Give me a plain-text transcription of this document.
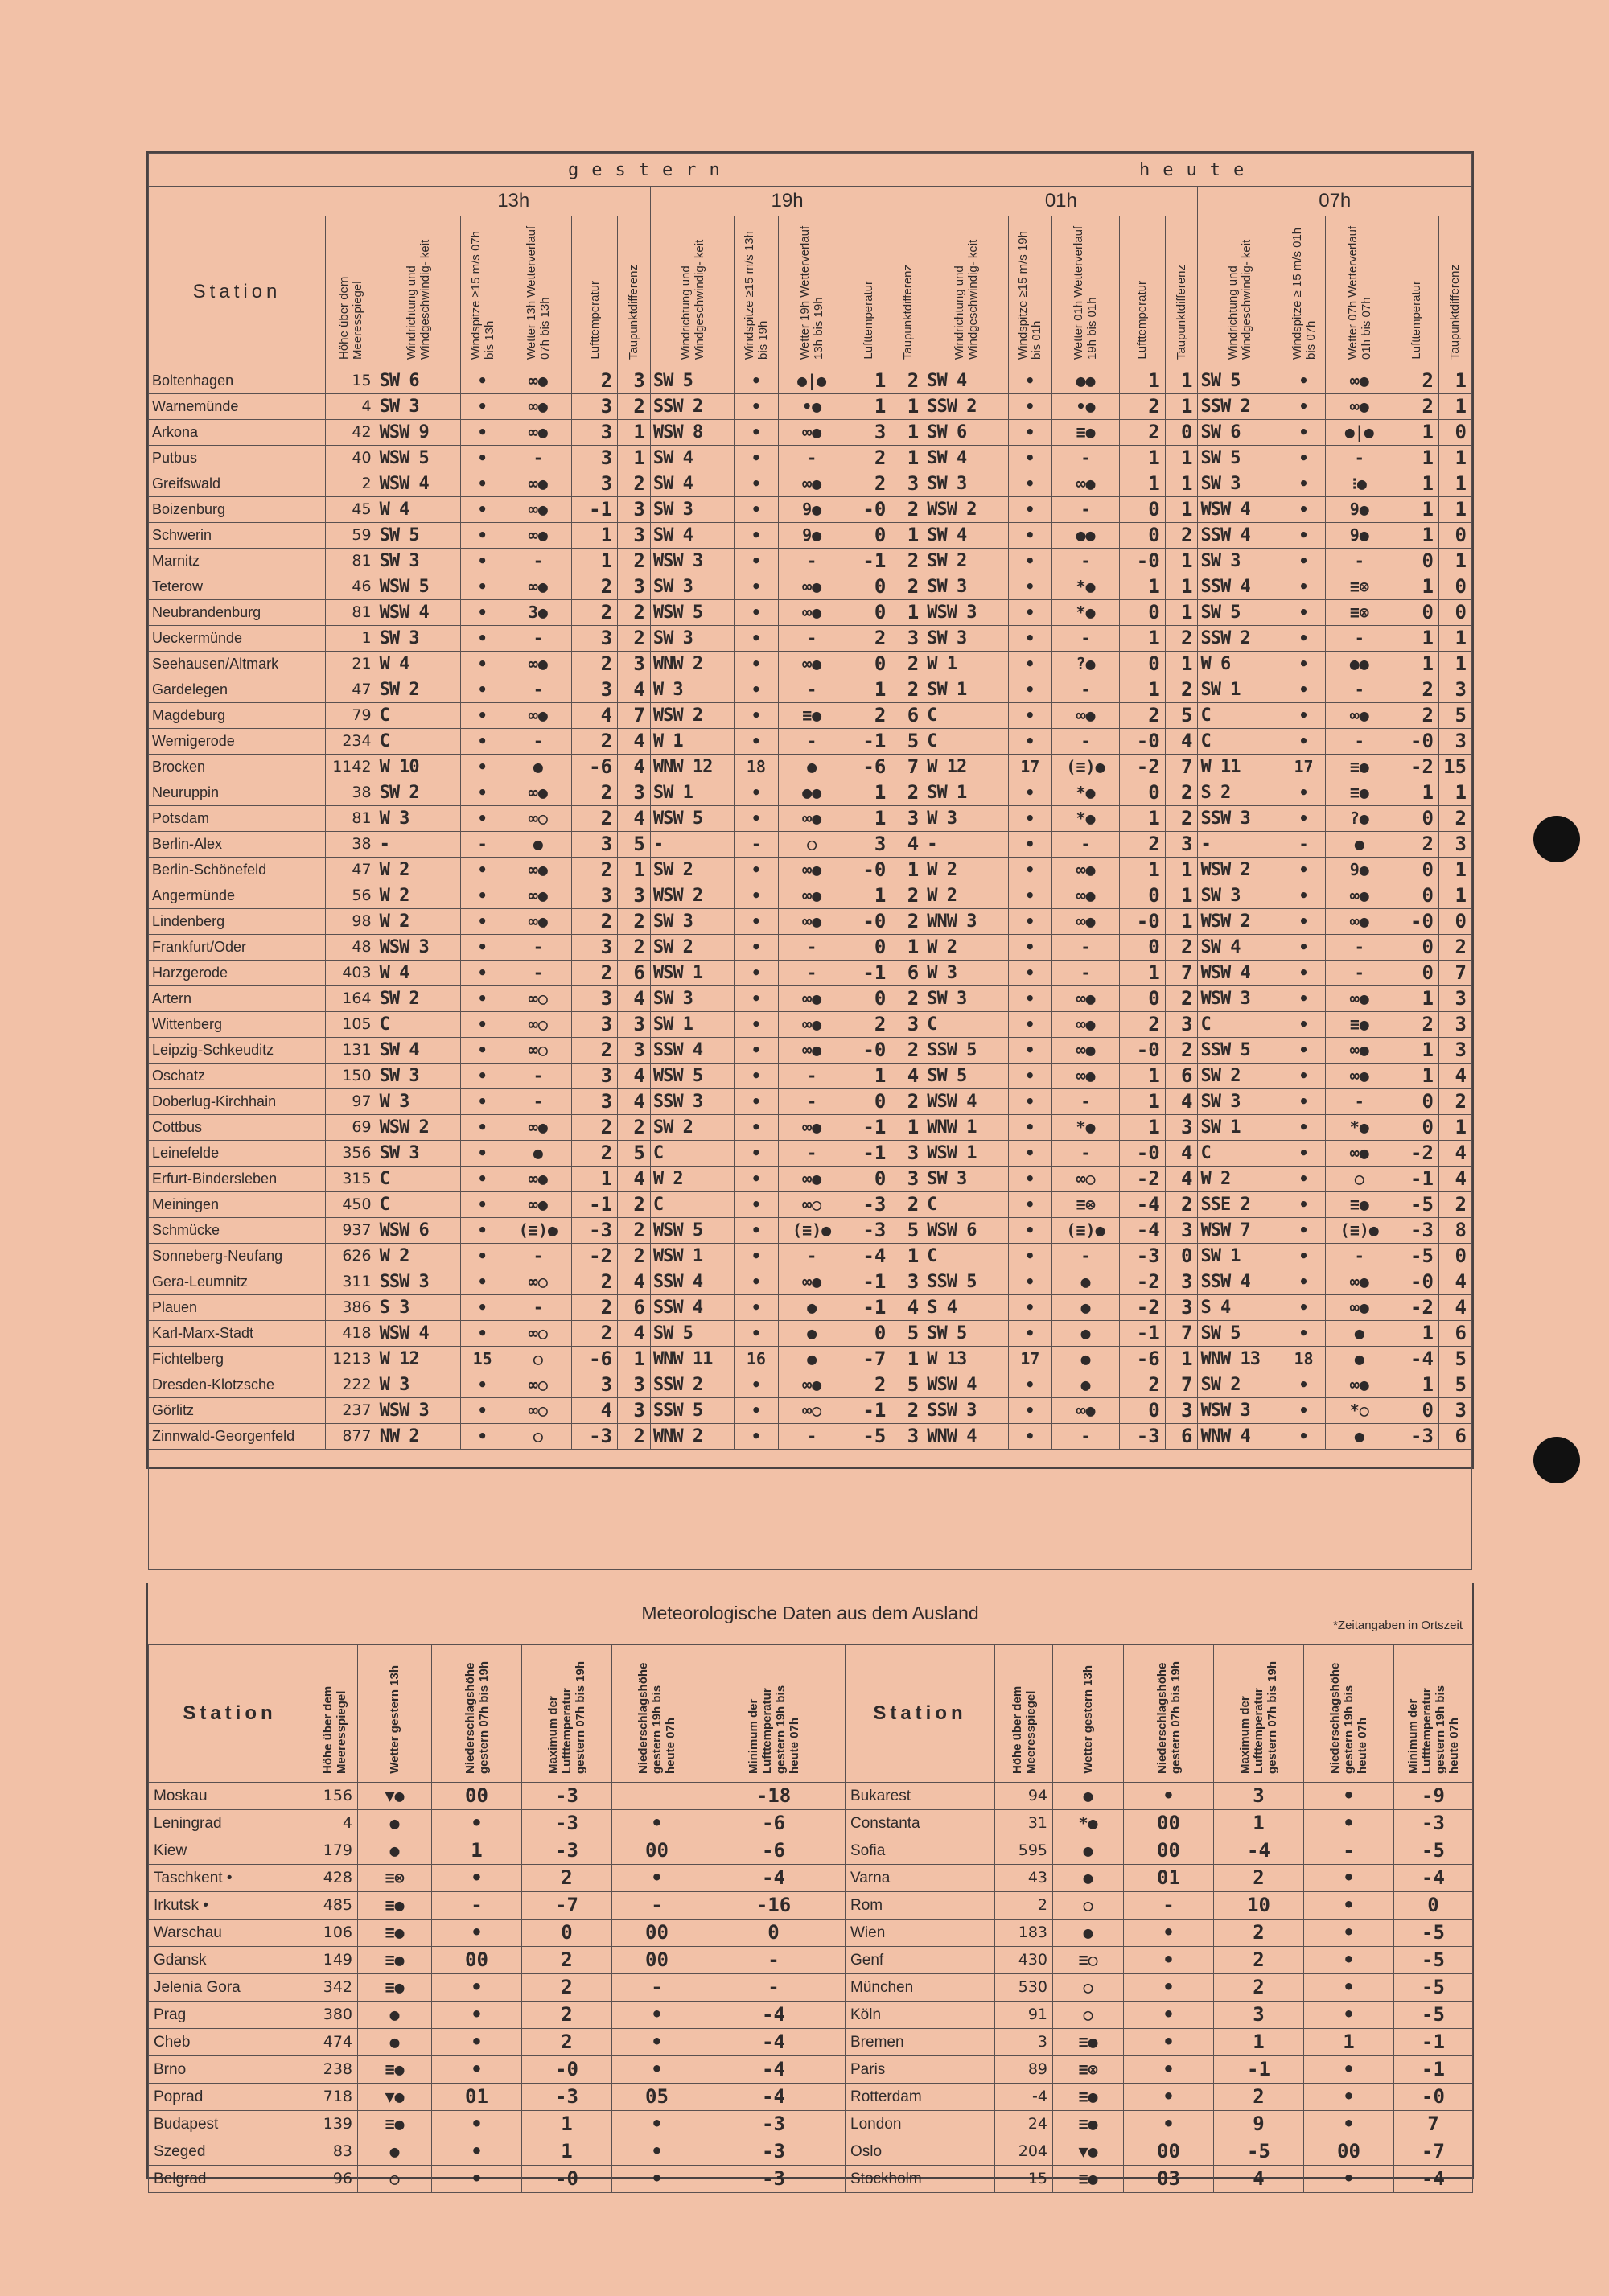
		gestern										heute									
		13h					19h					01h					07h				
Station	Höhe über dem Meeresspiegel	Windrichtung und Windgeschwindig- keit	Windspitze ≥15 m/s 07h bis 13h	Wetter 13h Wetterverlauf 07h bis 13h	Lufttemperatur	Taupunktdifferenz	Windrichtung und Windgeschwindig- keit	Windspitze ≥15 m/s 13h bis 19h	Wetter 19h Wetterverlauf 13h bis 19h	Lufttemperatur	Taupunktdifferenz	Windrichtung und Windgeschwindig- keit	Windspitze ≥15 m/s 19h bis 01h	Wetter 01h Wetterverlauf 19h bis 01h	Lufttemperatur	Taupunktdifferenz	Windrichtung und Windgeschwindig- keit	Windspitze ≥ 15 m/s 01h bis 07h	Wetter 07h Wetterverlauf 01h bis 07h	Lufttemperatur	Taupunktdifferenz
Boltenhagen	15	SW 6	•	∞●	2	3	SW 5	•	●|●	1	2	SW 4	•	●●	1	1	SW 5	•	∞●	2	1
Warnemünde	4	SW 3	•	∞●	3	2	SSW 2	•	•●	1	1	SSW 2	•	•●	2	1	SSW 2	•	∞●	2	1
Arkona	42	WSW 9	•	∞●	3	1	WSW 8	•	∞●	3	1	SW 6	•	≡●	2	0	SW 6	•	●|●	1	0
Putbus	40	WSW 5	•	-	3	1	SW 4	•	-	2	1	SW 4	•	-	1	1	SW 5	•	-	1	1
Greifswald	2	WSW 4	•	∞●	3	2	SW 4	•	∞●	2	3	SW 3	•	∞●	1	1	SW 3	•	⁝●	1	1
Boizenburg	45	W 4	•	∞●	-1	3	SW 3	•	9●	-0	2	WSW 2	•	-	0	1	WSW 4	•	9●	1	1
Schwerin	59	SW 5	•	∞●	1	3	SW 4	•	9●	0	1	SW 4	•	●●	0	2	SSW 4	•	9●	1	0
Marnitz	81	SW 3	•	-	1	2	WSW 3	•	-	-1	2	SW 2	•	-	-0	1	SW 3	•	-	0	1
Teterow	46	WSW 5	•	∞●	2	3	SW 3	•	∞●	0	2	SW 3	•	*●	1	1	SSW 4	•	≡⊗	1	0
Neubrandenburg	81	WSW 4	•	3●	2	2	WSW 5	•	∞●	0	1	WSW 3	•	*●	0	1	SW 5	•	≡⊗	0	0
Ueckermünde	1	SW 3	•	-	3	2	SW 3	•	-	2	3	SW 3	•	-	1	2	SSW 2	•	-	1	1
Seehausen/Altmark	21	W 4	•	∞●	2	3	WNW 2	•	∞●	0	2	W 1	•	?●	0	1	W 6	•	●●	1	1
Gardelegen	47	SW 2	•	-	3	4	W 3	•	-	1	2	SW 1	•	-	1	2	SW 1	•	-	2	3
Magdeburg	79	C	•	∞●	4	7	WSW 2	•	≡●	2	6	C	•	∞●	2	5	C	•	∞●	2	5
Wernigerode	234	C	•	-	2	4	W 1	•	-	-1	5	C	•	-	-0	4	C	•	-	-0	3
Brocken	1142	W 10	•	●	-6	4	WNW 12	18	●	-6	7	W 12	17	(≡)●	-2	7	W 11	17	≡●	-2	15
Neuruppin	38	SW 2	•	∞●	2	3	SW 1	•	●●	1	2	SW 1	•	*●	0	2	S 2	•	≡●	1	1
Potsdam	81	W 3	•	∞○	2	4	WSW 5	•	∞●	1	3	W 3	•	*●	1	2	SSW 3	•	?●	0	2
Berlin-Alex	38	-	-	●	3	5	-	-	○	3	4	-	•	-	2	3	-	-	●	2	3
Berlin-Schönefeld	47	W 2	•	∞●	2	1	SW 2	•	∞●	-0	1	W 2	•	∞●	1	1	WSW 2	•	9●	0	1
Angermünde	56	W 2	•	∞●	3	3	WSW 2	•	∞●	1	2	W 2	•	∞●	0	1	SW 3	•	∞●	0	1
Lindenberg	98	W 2	•	∞●	2	2	SW 3	•	∞●	-0	2	WNW 3	•	∞●	-0	1	WSW 2	•	∞●	-0	0
Frankfurt/Oder	48	WSW 3	•	-	3	2	SW 2	•	-	0	1	W 2	•	-	0	2	SW 4	•	-	0	2
Harzgerode	403	W 4	•	-	2	6	WSW 1	•	-	-1	6	W 3	•	-	1	7	WSW 4	•	-	0	7
Artern	164	SW 2	•	∞○	3	4	SW 3	•	∞●	0	2	SW 3	•	∞●	0	2	WSW 3	•	∞●	1	3
Wittenberg	105	C	•	∞○	3	3	SW 1	•	∞●	2	3	C	•	∞●	2	3	C	•	≡●	2	3
Leipzig-Schkeuditz	131	SW 4	•	∞○	2	3	SSW 4	•	∞●	-0	2	SSW 5	•	∞●	-0	2	SSW 5	•	∞●	1	3
Oschatz	150	SW 3	•	-	3	4	WSW 5	•	-	1	4	SW 5	•	∞●	1	6	SW 2	•	∞●	1	4
Doberlug-Kirchhain	97	W 3	•	-	3	4	SSW 3	•	-	0	2	WSW 4	•	-	1	4	SW 3	•	-	0	2
Cottbus	69	WSW 2	•	∞●	2	2	SW 2	•	∞●	-1	1	WNW 1	•	*●	1	3	SW 1	•	*●	0	1
Leinefelde	356	SW 3	•	●	2	5	C	•	-	-1	3	WSW 1	•	-	-0	4	C	•	∞●	-2	4
Erfurt-Bindersleben	315	C	•	∞●	1	4	W 2	•	∞●	0	3	SW 3	•	∞○	-2	4	W 2	•	○	-1	4
Meiningen	450	C	•	∞●	-1	2	C	•	∞○	-3	2	C	•	≡⊗	-4	2	SSE 2	•	≡●	-5	2
Schmücke	937	WSW 6	•	(≡)●	-3	2	WSW 5	•	(≡)●	-3	5	WSW 6	•	(≡)●	-4	3	WSW 7	•	(≡)●	-3	8
Sonneberg-Neufang	626	W 2	•	-	-2	2	WSW 1	•	-	-4	1	C	•	-	-3	0	SW 1	•	-	-5	0
Gera-Leumnitz	311	SSW 3	•	∞○	2	4	SSW 4	•	∞●	-1	3	SSW 5	•	●	-2	3	SSW 4	•	∞●	-0	4
Plauen	386	S 3	•	-	2	6	SSW 4	•	●	-1	4	S 4	•	●	-2	3	S 4	•	∞●	-2	4
Karl-Marx-Stadt	418	WSW 4	•	∞○	2	4	SW 5	•	●	0	5	SW 5	•	●	-1	7	SW 5	•	●	1	6
Fichtelberg	1213	W 12	15	○	-6	1	WNW 11	16	●	-7	1	W 13	17	●	-6	1	WNW 13	18	●	-4	5
Dresden-Klotzsche	222	W 3	•	∞○	3	3	SSW 2	•	∞●	2	5	WSW 4	•	●	2	7	SW 2	•	∞●	1	5
Görlitz	237	WSW 3	•	∞○	4	3	SSW 5	•	∞○	-1	2	SSW 3	•	∞●	0	3	WSW 3	•	*○	0	3
Zinnwald-Georgenfeld	877	NW 2	•	○	-3	2	WNW 2	•	-	-5	3	WNW 4	•	-	-3	6	WNW 4	•	●	-3	6

Meteorologische Daten aus dem Ausland
*Zeitangaben in Ortszeit
Station	Höhe über dem Meeresspiegel	Wetter gestern 13h	Niederschlagshöhe gestern 07h bis 19h	Maximum der Lufttemperatur gestern 07h bis 19h	Niederschlagshöhe gestern 19h bis heute 07h	Minimum der Lufttemperatur gestern 19h bis heute 07h
Moskau	156	▼●	00	-3		-18
Leningrad	4	●	•	-3	•	-6
Kiew	179	●	1	-3	00	-6
Taschkent •	428	≡⊗	•	2	•	-4
Irkutsk •	485	≡●	-	-7	-	-16
Warschau	106	≡●	•	0	00	0
Gdansk	149	≡●	00	2	00	-
Jelenia Gora	342	≡●	•	2	-	-
Prag	380	●	•	2	•	-4
Cheb	474	●	•	2	•	-4
Brno	238	≡●	•	-0	•	-4
Poprad	718	▼●	01	-3	05	-4
Budapest	139	≡●	•	1	•	-3
Szeged	83	●	•	1	•	-3
Belgrad	96	○	•	-0	•	-3
Station	Höhe über dem Meeresspiegel	Wetter gestern 13h	Niederschlagshöhe gestern 07h bis 19h	Maximum der Lufttemperatur gestern 07h bis 19h	Niederschlagshöhe gestern 19h bis heute 07h	Minimum der Lufttemperatur gestern 19h bis heute 07h
Bukarest	94	●	•	3	•	-9
Constanta	31	*●	00	1	•	-3
Sofia	595	●	00	-4	-	-5
Varna	43	●	01	2	•	-4
Rom	2	○	-	10	•	0
Wien	183	●	•	2	•	-5
Genf	430	≡○	•	2	•	-5
München	530	○	•	2	•	-5
Köln	91	○	•	3	•	-5
Bremen	3	≡●	•	1	1	-1
Paris	89	≡⊗	•	-1	•	-1
Rotterdam	-4	≡●	•	2	•	-0
London	24	≡●	•	9	•	7
Oslo	204	▼●	00	-5	00	-7
Stockholm	15	≡●	03	4	•	-4
